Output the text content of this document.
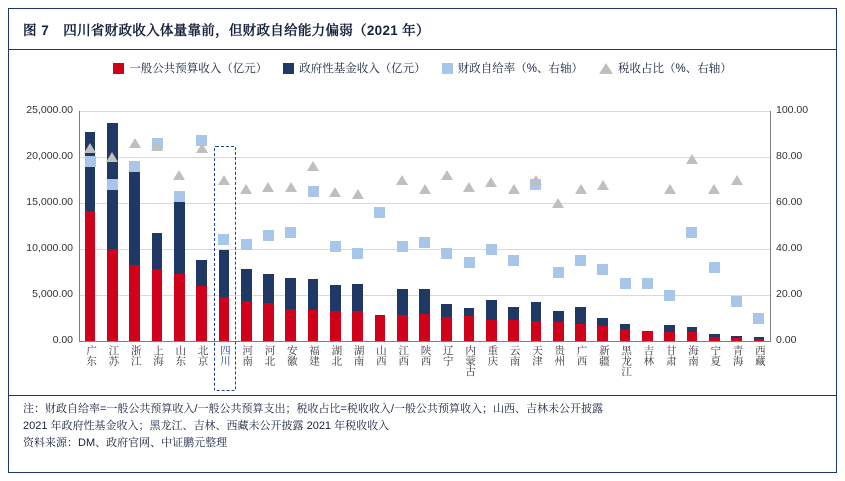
图 7 四川省财政收入体量靠前，但财政自给能力偏弱（2021 年）
一般公共预算收入（亿元）	政府性基金收入（亿元）	财政自给率（%、右轴）	税收占比（%、右轴）
0.00	0.00
5,000.00	20.00
10,000.00	40.00
15,000.00	60.00
20,000.00	80.00
25,000.00	100.00
广东 江苏 浙江 上海 山东 北京 四川 河南 河北 安徽 福建 湖北 湖南 山西 江西 陕西 辽宁 内蒙古 重庆 云南 天津 贵州 广西 新疆 黑龙江 吉林 甘肃 海南 宁夏 青海 西藏
注：财政自给率=一般公共预算收入/一般公共预算支出；税收占比=税收收入/一般公共预算收入；山西、吉林未公开披露
2021 年政府性基金收入；黑龙江、吉林、西藏未公开披露 2021 年税收收入
资料来源：DM、政府官网、中证鹏元整理
